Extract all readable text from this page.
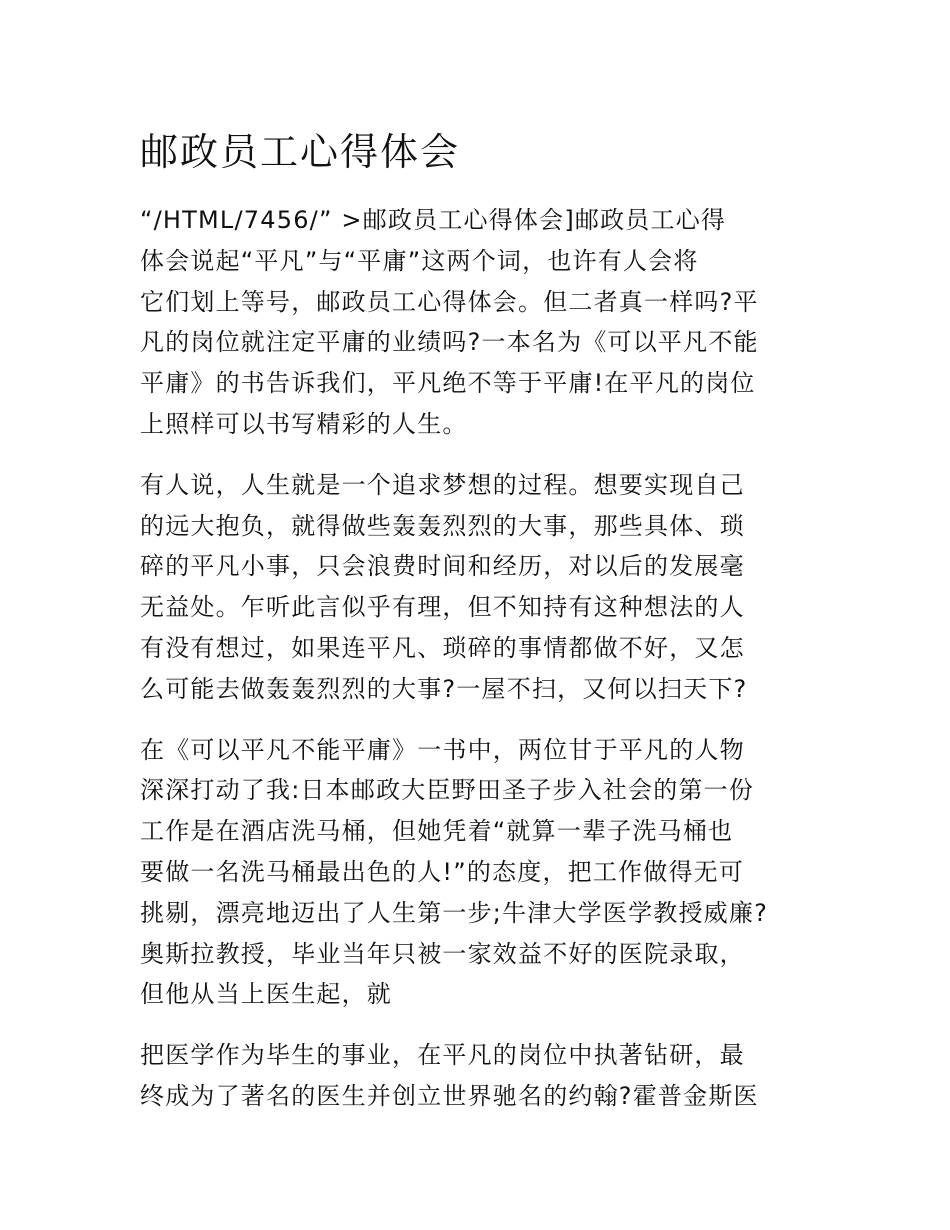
邮政员工心得体会

“/HTML/7456/” >邮政员工心得体会]邮政员工心得
体会说起“平凡”与“平庸”这两个词，也许有人会将
它们划上等号，邮政员工心得体会。但二者真一样吗?平
凡的岗位就注定平庸的业绩吗?一本名为《可以平凡不能
平庸》的书告诉我们，平凡绝不等于平庸!在平凡的岗位
上照样可以书写精彩的人生。

有人说，人生就是一个追求梦想的过程。想要实现自己
的远大抱负，就得做些轰轰烈烈的大事，那些具体、琐
碎的平凡小事，只会浪费时间和经历，对以后的发展毫
无益处。乍听此言似乎有理，但不知持有这种想法的人
有没有想过，如果连平凡、琐碎的事情都做不好，又怎
么可能去做轰轰烈烈的大事?一屋不扫，又何以扫天下?

在《可以平凡不能平庸》一书中，两位甘于平凡的人物
深深打动了我:日本邮政大臣野田圣子步入社会的第一份
工作是在酒店洗马桶，但她凭着“就算一辈子洗马桶也
要做一名洗马桶最出色的人!”的态度，把工作做得无可
挑剔，漂亮地迈出了人生第一步;牛津大学医学教授威廉?
奥斯拉教授，毕业当年只被一家效益不好的医院录取，
但他从当上医生起，就

把医学作为毕生的事业，在平凡的岗位中执著钻研，最
终成为了著名的医生并创立世界驰名的约翰?霍普金斯医
